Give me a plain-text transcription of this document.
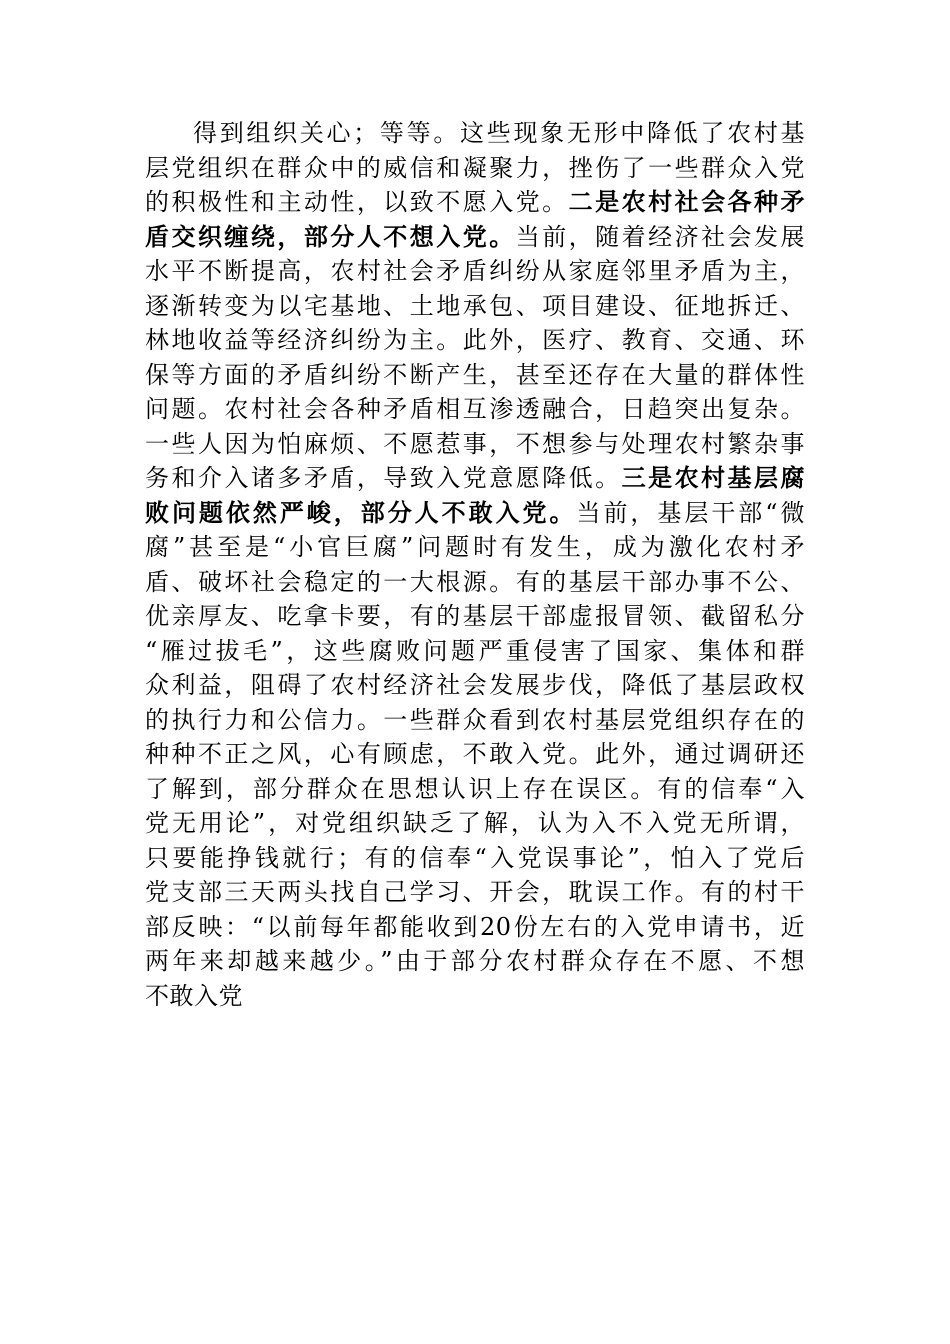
得到组织关心；等等。这些现象无形中降低了农村基
层党组织在群众中的威信和凝聚力，挫伤了一些群众入党
的积极性和主动性，以致不愿入党。二是农村社会各种矛
盾交织缠绕，部分人不想入党。当前，随着经济社会发展
水平不断提高，农村社会矛盾纠纷从家庭邻里矛盾为主，
逐渐转变为以宅基地、土地承包、项目建设、征地拆迁、
林地收益等经济纠纷为主。此外，医疗、教育、交通、环
保等方面的矛盾纠纷不断产生，甚至还存在大量的群体性
问题。农村社会各种矛盾相互渗透融合，日趋突出复杂。
一些人因为怕麻烦、不愿惹事，不想参与处理农村繁杂事
务和介入诸多矛盾，导致入党意愿降低。三是农村基层腐
败问题依然严峻，部分人不敢入党。当前，基层干部“微
腐”甚至是“小官巨腐”问题时有发生，成为激化农村矛
盾、破坏社会稳定的一大根源。有的基层干部办事不公、
优亲厚友、吃拿卡要，有的基层干部虚报冒领、截留私分
“雁过拔毛”，这些腐败问题严重侵害了国家、集体和群
众利益，阻碍了农村经济社会发展步伐，降低了基层政权
的执行力和公信力。一些群众看到农村基层党组织存在的
种种不正之风，心有顾虑，不敢入党。此外，通过调研还
了解到，部分群众在思想认识上存在误区。有的信奉“入
党无用论”，对党组织缺乏了解，认为入不入党无所谓，
只要能挣钱就行；有的信奉“入党误事论”，怕入了党后
党支部三天两头找自己学习、开会，耽误工作。有的村干
部反映：“以前每年都能收到20份左右的入党申请书，近
两年来却越来越少。”由于部分农村群众存在不愿、不想
不敢入党
